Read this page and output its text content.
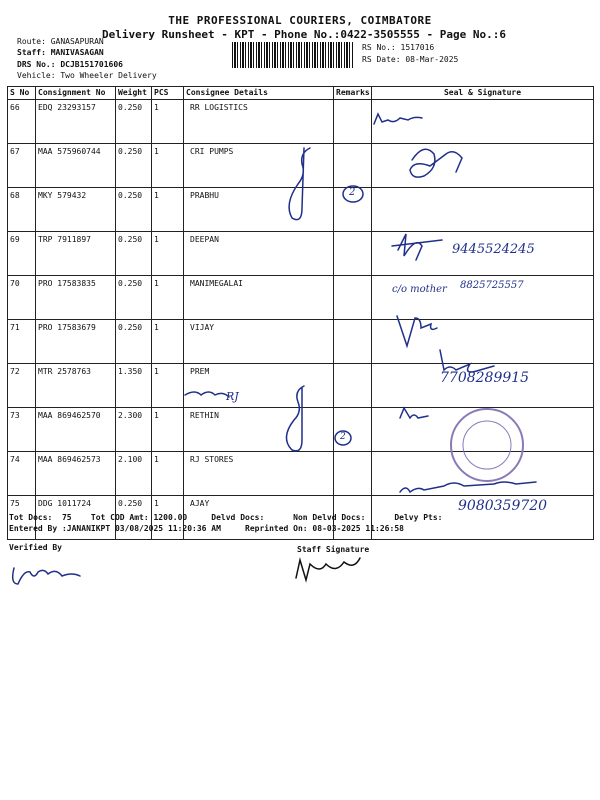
THE PROFESSIONAL COURIERS, COIMBATORE
Delivery Runsheet - KPT - Phone No.:0422-3505555 - Page No.:6
Route: GANASAPURAN
Staff: MANIVASAGAN
DRS No.: DCJB151701606
Vehicle: Two Wheeler Delivery
RS No.: 1517016
RS Date: 08-Mar-2025
S No	Consignment No	Weight	PCS	Consignee Details	Remarks	Seal & Signature
66	EDQ 23293157	0.250	1	RR LOGISTICS		
67	MAA 575960744	0.250	1	CRI PUMPS		
68	MKY 579432	0.250	1	PRABHU		
69	TRP 7911897	0.250	1	DEEPAN		
70	PRO 17583835	0.250	1	MANIMEGALAI		
71	PRO 17583679	0.250	1	VIJAY		
72	MTR 2578763	1.350	1	PREM		
73	MAA 869462570	2.300	1	RETHIN		
74	MAA 869462573	2.100	1	RJ STORES		
75	DDG 1011724	0.250	1	AJAY		
9445524245
c/o mother 8825725557
7708289915
RJ
2
2
9080359720
Tot Docs:  75    Tot COD Amt: 1200.00     Delvd Docs:      Non Delvd Docs:      Delvy Pts:
Entered By :JANANIKPT 03/08/2025 11:20:36 AM     Reprinted On: 08-03-2025 11:26:58
Verified By	Staff Signature
